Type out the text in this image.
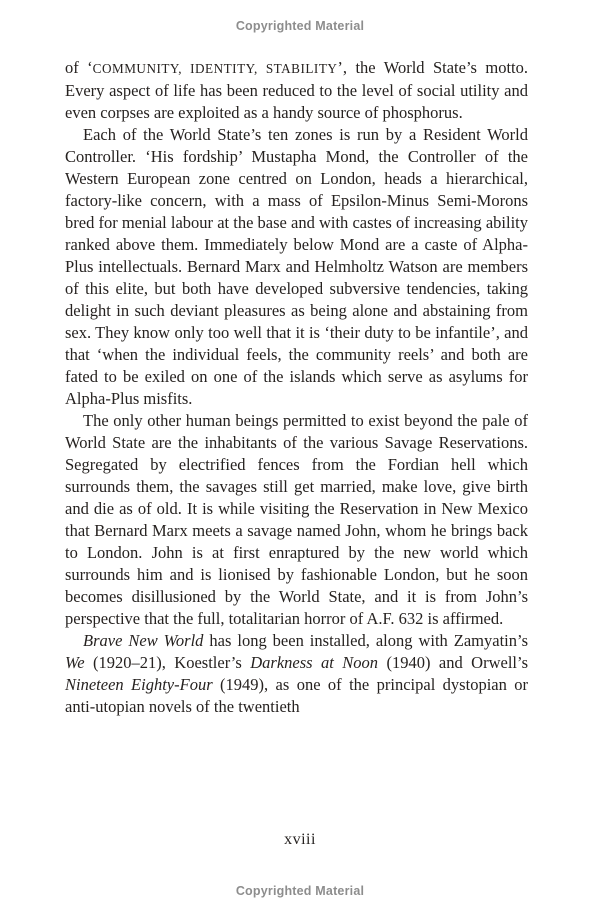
Copyrighted Material

of ‘COMMUNITY, IDENTITY, STABILITY’, the World State’s motto. Every aspect of life has been reduced to the level of social utility and even corpses are exploited as a handy source of phosphorus.

Each of the World State’s ten zones is run by a Resident World Controller. ‘His fordship’ Mustapha Mond, the Controller of the Western European zone centred on London, heads a hierarchical, factory-like concern, with a mass of Epsilon-Minus Semi-Morons bred for menial labour at the base and with castes of increasing ability ranked above them. Immediately below Mond are a caste of Alpha-Plus intellectuals. Bernard Marx and Helmholtz Watson are members of this elite, but both have developed subversive tendencies, taking delight in such deviant pleasures as being alone and abstaining from sex. They know only too well that it is ‘their duty to be infantile’, and that ‘when the individual feels, the community reels’ and both are fated to be exiled on one of the islands which serve as asylums for Alpha-Plus misfits.

The only other human beings permitted to exist beyond the pale of World State are the inhabitants of the various Savage Reservations. Segregated by electrified fences from the Fordian hell which surrounds them, the savages still get married, make love, give birth and die as of old. It is while visiting the Reservation in New Mexico that Bernard Marx meets a savage named John, whom he brings back to London. John is at first enraptured by the new world which surrounds him and is lionised by fashionable London, but he soon becomes disillusioned by the World State, and it is from John’s perspective that the full, totalitarian horror of A.F. 632 is affirmed.

Brave New World has long been installed, along with Zamyatin’s We (1920–21), Koestler’s Darkness at Noon (1940) and Orwell’s Nineteen Eighty-Four (1949), as one of the principal dystopian or anti-utopian novels of the twentieth

xviii
Copyrighted Material
